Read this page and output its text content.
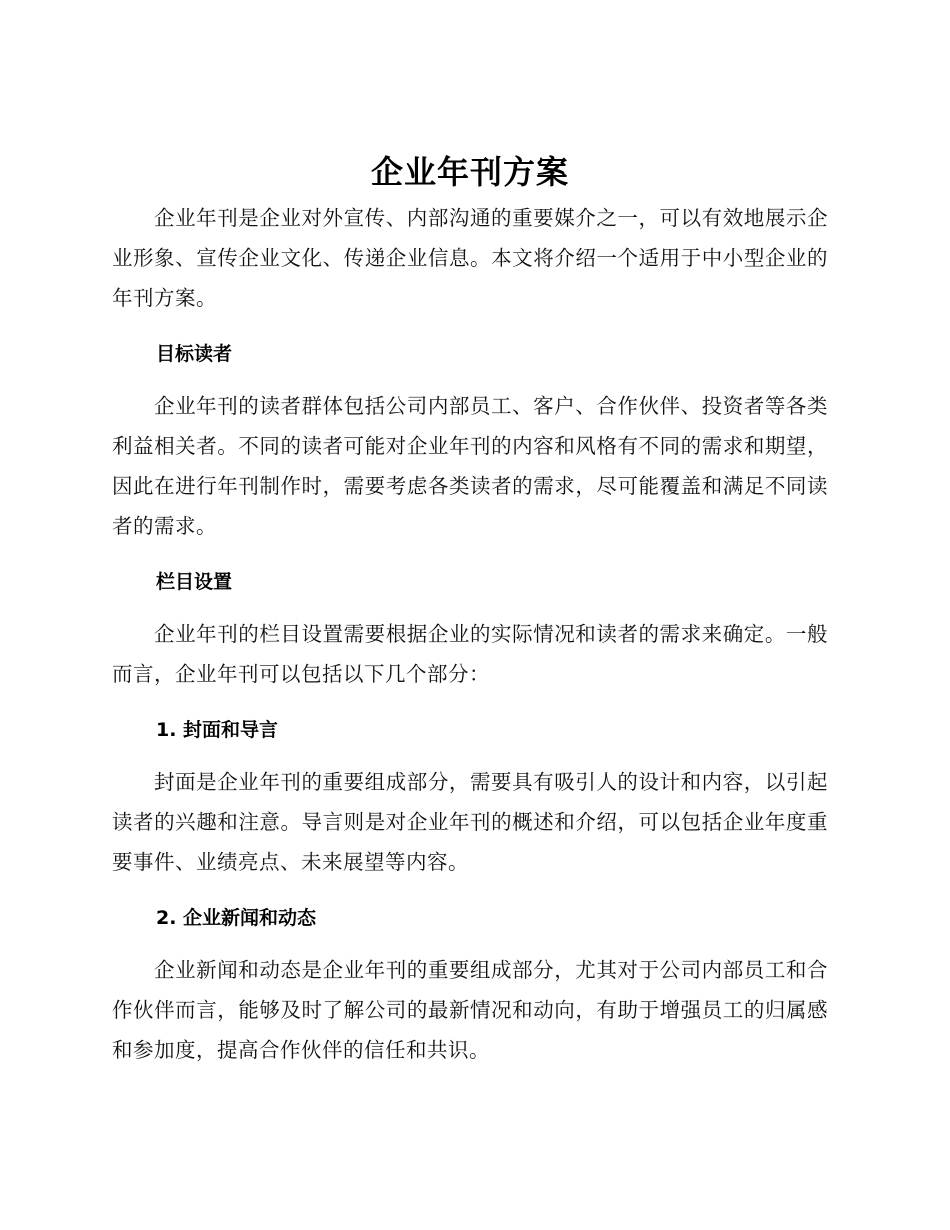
企业年刊方案

企业年刊是企业对外宣传、内部沟通的重要媒介之一，可以有效地展示企业形象、宣传企业文化、传递企业信息。本文将介绍一个适用于中小型企业的年刊方案。

目标读者

企业年刊的读者群体包括公司内部员工、客户、合作伙伴、投资者等各类利益相关者。不同的读者可能对企业年刊的内容和风格有不同的需求和期望，因此在进行年刊制作时，需要考虑各类读者的需求，尽可能覆盖和满足不同读者的需求。

栏目设置

企业年刊的栏目设置需要根据企业的实际情况和读者的需求来确定。一般而言，企业年刊可以包括以下几个部分：

1. 封面和导言

封面是企业年刊的重要组成部分，需要具有吸引人的设计和内容，以引起读者的兴趣和注意。导言则是对企业年刊的概述和介绍，可以包括企业年度重要事件、业绩亮点、未来展望等内容。

2. 企业新闻和动态

企业新闻和动态是企业年刊的重要组成部分，尤其对于公司内部员工和合作伙伴而言，能够及时了解公司的最新情况和动向，有助于增强员工的归属感和参加度，提高合作伙伴的信任和共识。
